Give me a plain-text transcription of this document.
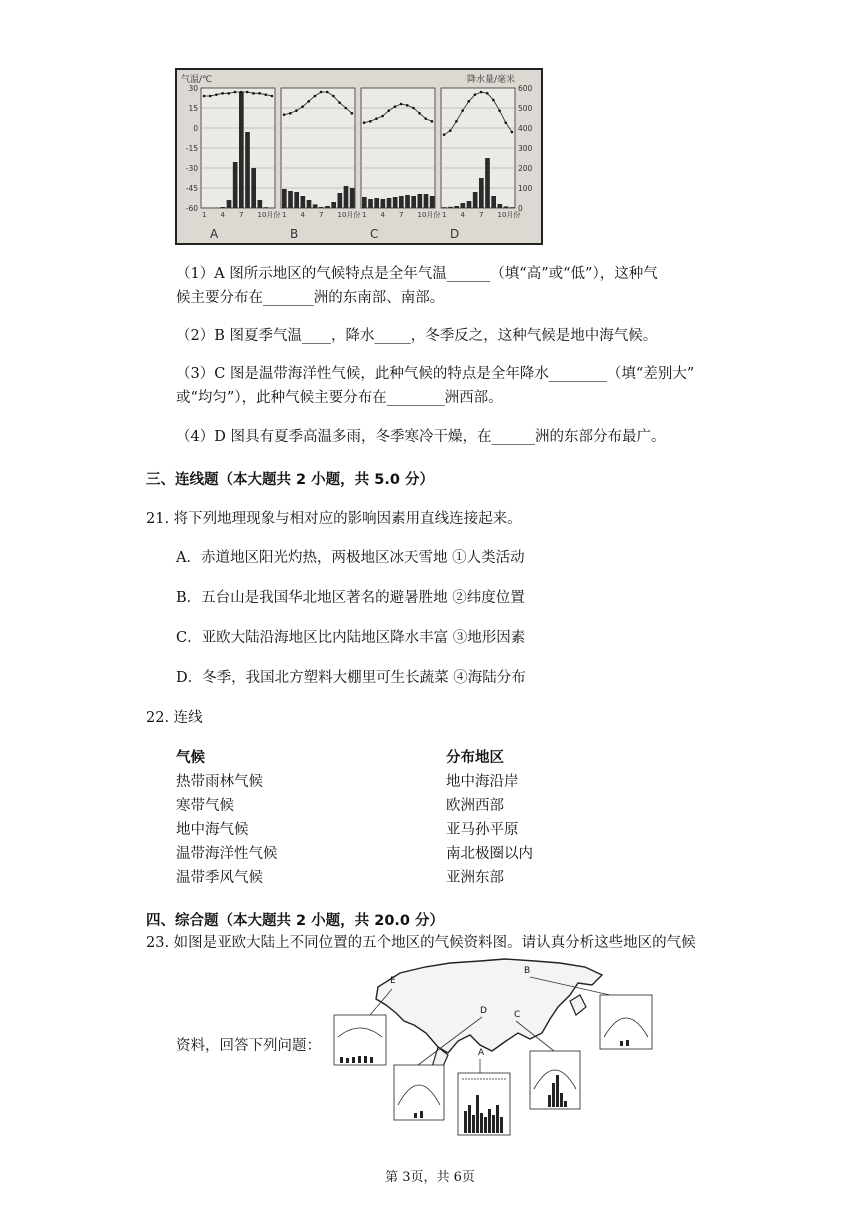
30
15
0
-15
-30
-45
-60
600
500
400
300
200
100
0
1 4 7 10月份
A
1 4 7 10月份
B
1 4 7 10月份
C
1 4 7 10月份
D
气温/℃	降水量/毫米
（1）A 图所示地区的气候特点是全年气温______（填“高”或“低”），这种气
候主要分布在_______洲的东南部、南部。
（2）B 图夏季气温____，降水_____，冬季反之，这种气候是地中海气候。
（3）C 图是温带海洋性气候，此种气候的特点是全年降水________（填“差别大”
或“均匀”），此种气候主要分布在________洲西部。
（4）D 图具有夏季高温多雨，冬季寒冷干燥，在______洲的东部分布最广。
三、连线题（本大题共 2 小题，共 5.0 分）
21. 将下列地理现象与相对应的影响因素用直线连接起来。
A．赤道地区阳光灼热，两极地区冰天雪地 ①人类活动
B．五台山是我国华北地区著名的避暑胜地 ②纬度位置
C．亚欧大陆沿海地区比内陆地区降水丰富 ③地形因素
D．冬季，我国北方塑料大棚里可生长蔬菜 ④海陆分布
22. 连线
气候
热带雨林气候
寒带气候
地中海气候
温带海洋性气候
温带季风气候
分布地区
地中海沿岸
欧洲西部
亚马孙平原
南北极圈以内
亚洲东部
四、综合题（本大题共 2 小题，共 20.0 分）
23. 如图是亚欧大陆上不同位置的五个地区的气候资料图。请认真分析这些地区的气候
资料，回答下列问题：
E
B
C
D
A
第 3页，共 6页
